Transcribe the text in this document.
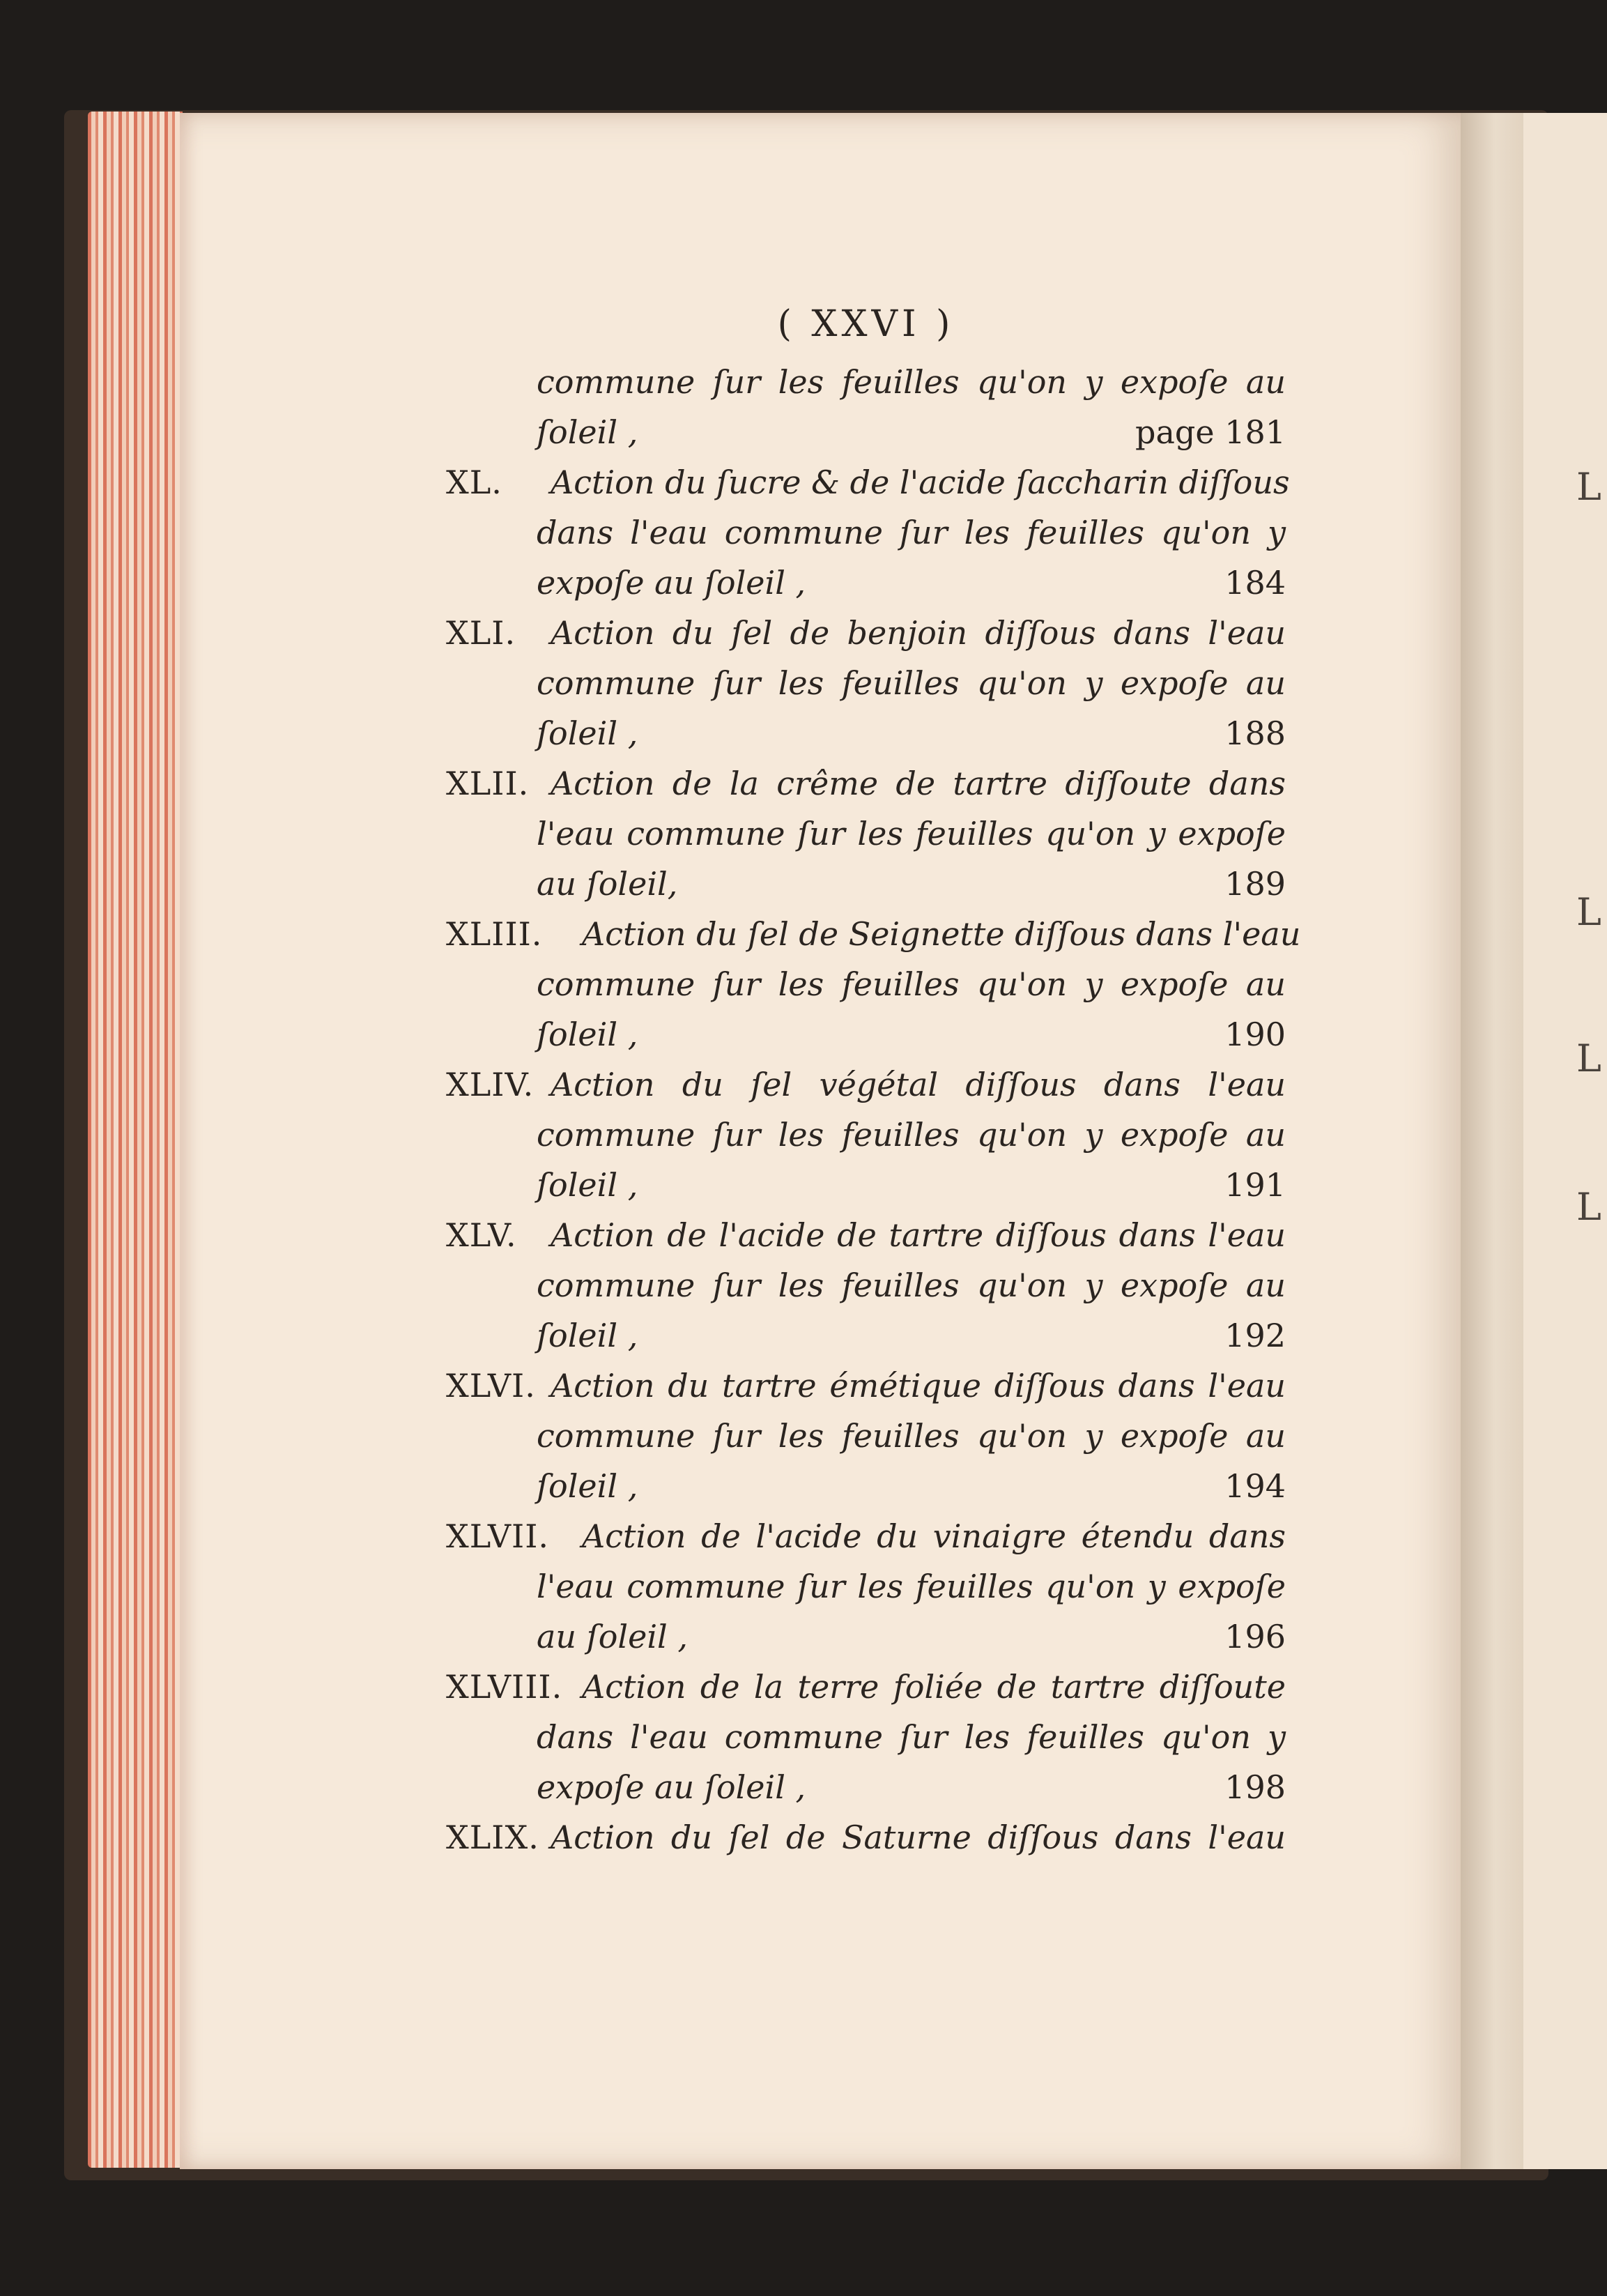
L
L
L
L
( XXVI )
commune ſur les feuilles qu'on y expoſe au
ſoleil ,	page 181
XL.	Action du ſucre & de l'acide ſaccharin diſſous
dans l'eau commune ſur les feuilles qu'on y
expoſe au ſoleil ,	184
XLI.	Action du ſel de benjoin diſſous dans l'eau
commune ſur les feuilles qu'on y expoſe au
ſoleil ,	188
XLII. Action de la crême de tartre diſſoute dans
l'eau commune ſur les feuilles qu'on y expoſe
au ſoleil,	189
XLIII.	Action du ſel de Seignette diſſous dans l'eau
commune ſur les feuilles qu'on y expoſe au
ſoleil ,	190
XLIV. Action du ſel végétal diſſous dans l'eau
commune ſur les feuilles qu'on y expoſe au
ſoleil ,	191
XLV.	Action de l'acide de tartre diſſous dans l'eau
commune ſur les feuilles qu'on y expoſe au
ſoleil ,	192
XLVI. Action du tartre émétique diſſous dans l'eau
commune ſur les feuilles qu'on y expoſe au
ſoleil ,	194
XLVII.	Action de l'acide du vinaigre étendu dans
l'eau commune ſur les feuilles qu'on y expoſe
au ſoleil ,	196
XLVIII. Action de la terre foliée de tartre diſſoute
dans l'eau commune ſur les feuilles qu'on y
expoſe au ſoleil ,	198
XLIX. Action du ſel de Saturne diſſous dans l'eau
